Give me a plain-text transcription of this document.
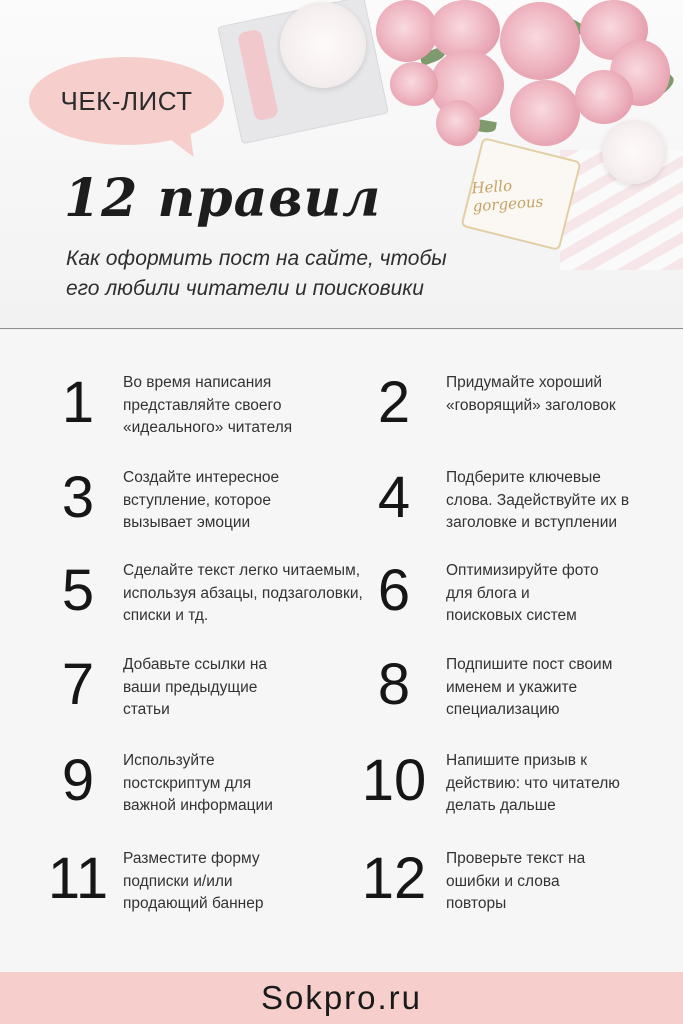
Hello gorgeous
ЧЕК-ЛИСТ
12 правил
Как оформить пост на сайте, чтобы
его любили читатели и поисковики
1	Во время написания представляйте своего «идеального» читателя	2	Придумайте хороший «говорящий» заголовок
3	Создайте интересное вступление, которое вызывает эмоции	4	Подберите ключевые слова. Задействуйте их в заголовке и вступлении
5	Сделайте текст легко читаемым, используя абзацы, подзаголовки, списки и тд.	6	Оптимизируйте фото для блога и поисковых систем
7	Добавьте ссылки на ваши предыдущие статьи	8	Подпишите пост своим именем и укажите специализацию
9	Используйте постскриптум для важной информации	10	Напишите призыв к действию: что читателю делать дальше
11 Разместите форму подписки и/или продающий баннер	12	Проверьте текст на ошибки и слова повторы
Sokpro.ru
